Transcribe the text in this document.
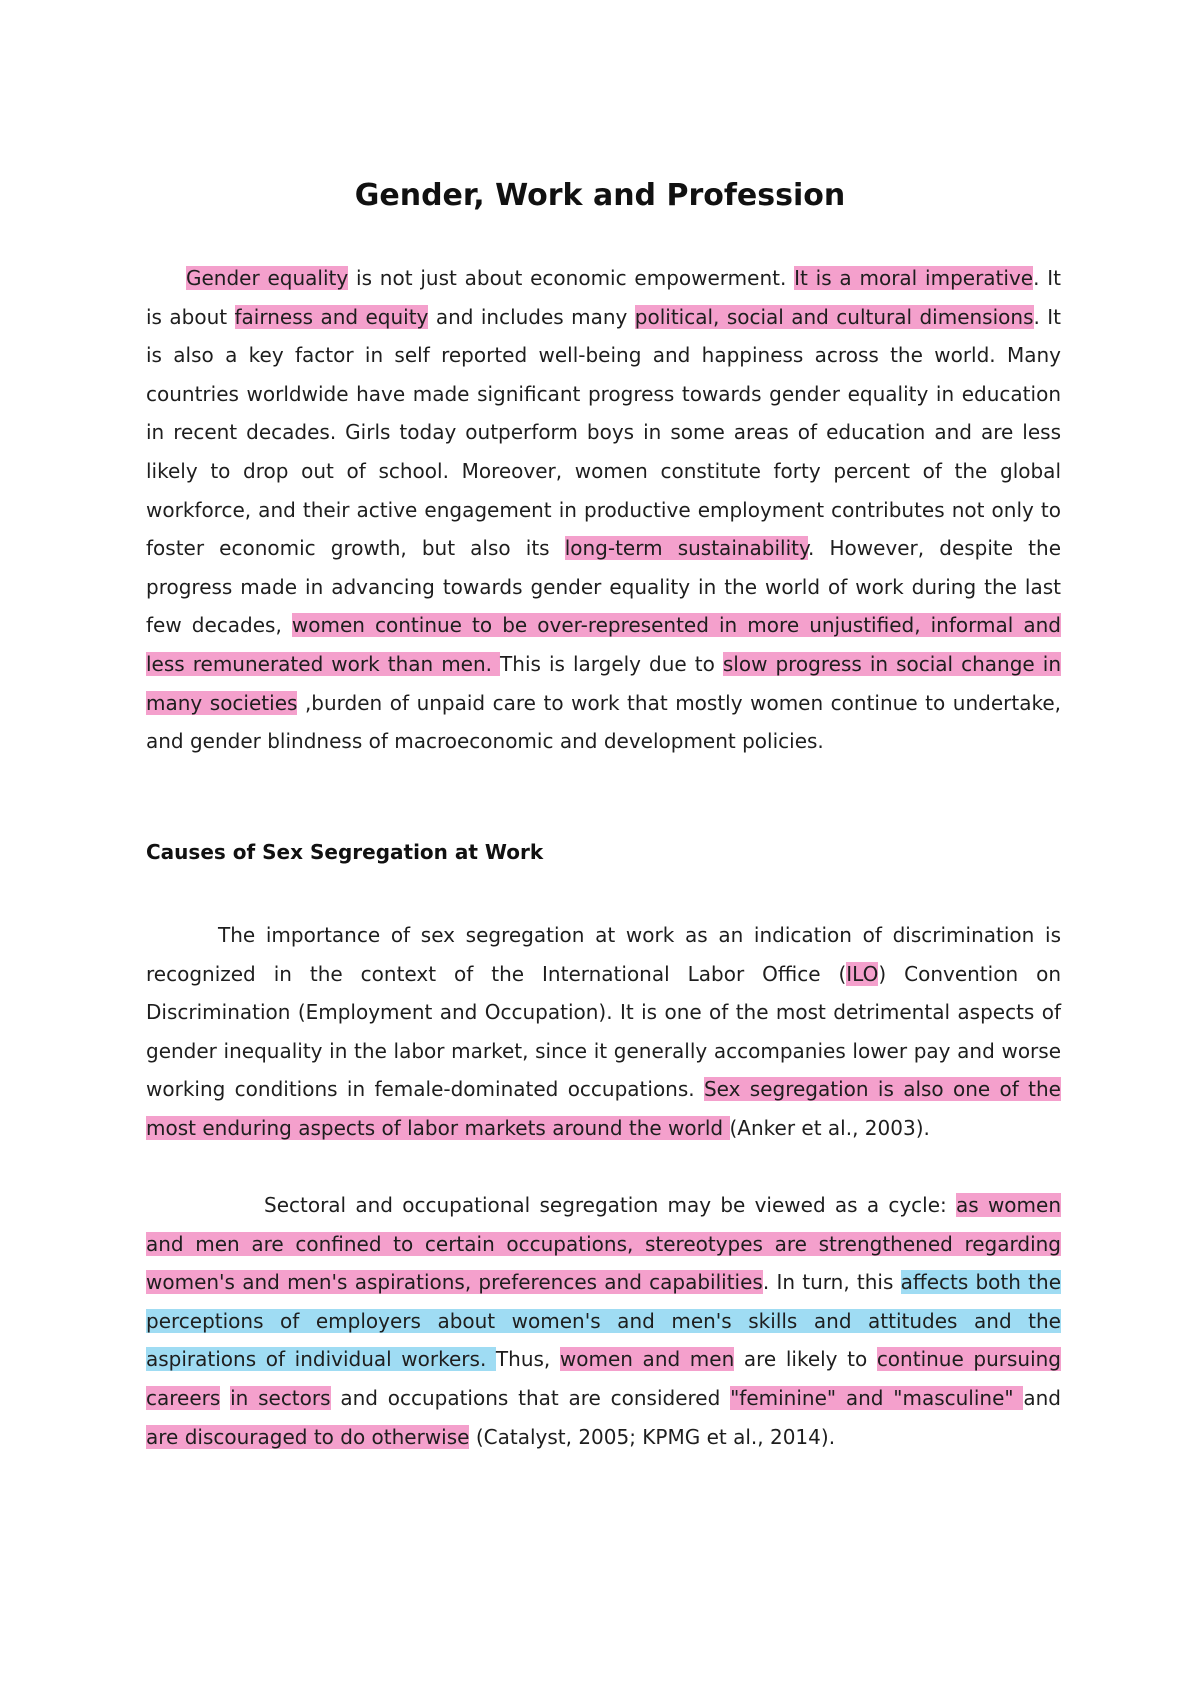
Gender, Work and Profession
Gender equality is not just about economic empowerment. It is a moral imperative. It is about fairness and equity and includes many political, social and cultural dimensions. It is also a key factor in self reported well-being and happiness across the world. Many countries worldwide have made significant progress towards gender equality in education in recent decades. Girls today outperform boys in some areas of education and are less likely to drop out of school. Moreover, women constitute forty percent of the global workforce, and their active engagement in productive employment contributes not only to foster economic growth, but also its long-term sustainability. However, despite the progress made in advancing towards gender equality in the world of work during the last few decades, women continue to be over-represented in more unjustified, informal and less remunerated work than men. This is largely due to slow progress in social change in many societies ,burden of unpaid care to work that mostly women continue to undertake, and gender blindness of macroeconomic and development policies.
Causes of Sex Segregation at Work
The importance of sex segregation at work as an indication of discrimination is recognized in the context of the International Labor Office (ILO) Convention on Discrimination (Employment and Occupation). It is one of the most detrimental aspects of gender inequality in the labor market, since it generally accompanies lower pay and worse working conditions in female-dominated occupations. Sex segregation is also one of the most enduring aspects of labor markets around the world (Anker et al., 2003).
Sectoral and occupational segregation may be viewed as a cycle: as women and men are confined to certain occupations, stereotypes are strengthened regarding women's and men's aspirations, preferences and capabilities. In turn, this affects both the perceptions of employers about women's and men's skills and attitudes and the aspirations of individual workers. Thus, women and men are likely to continue pursuing careers in sectors and occupations that are considered "feminine" and "masculine" and are discouraged to do otherwise (Catalyst, 2005; KPMG et al., 2014).
